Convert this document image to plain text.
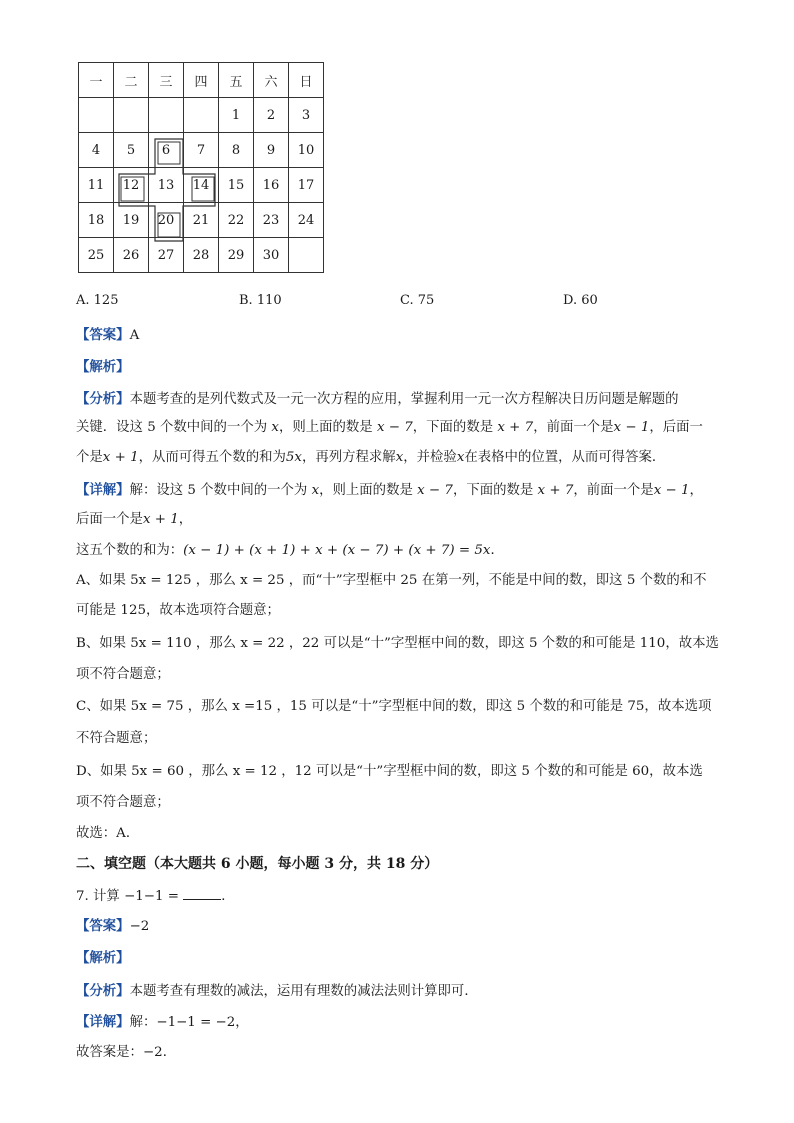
一	二	三	四	五	六	日
				1	2	3
4	5	6	7	8	9	10
11	12	13	14	15	16	17
18	19	20	21	22	23	24
25	26	27	28	29	30	
A. 125	B. 110	C. 75	D. 60
【答案】A
【解析】
【分析】本题考查的是列代数式及一元一次方程的应用，掌握利用一元一次方程解决日历问题是解题的
关键．设这 5 个数中间的一个为 x，则上面的数是 x − 7，下面的数是 x + 7，前面一个是x − 1，后面一
个是x + 1，从而可得五个数的和为5x，再列方程求解x，并检验x在表格中的位置，从而可得答案．
【详解】解：设这 5 个数中间的一个为 x，则上面的数是 x − 7，下面的数是 x + 7，前面一个是x − 1，
后面一个是x + 1，
这五个数的和为：(x − 1) + (x + 1) + x + (x − 7) + (x + 7) = 5x．
A、如果 5x = 125 ，那么 x = 25 ，而“十”字型框中 25 在第一列，不能是中间的数，即这 5 个数的和不
可能是 125，故本选项符合题意；
B、如果 5x = 110 ，那么 x = 22 ，22 可以是“十”字型框中间的数，即这 5 个数的和可能是 110，故本选
项不符合题意；
C、如果 5x = 75 ，那么 x =15 ，15 可以是“十”字型框中间的数，即这 5 个数的和可能是 75，故本选项
不符合题意；
D、如果 5x = 60 ，那么 x = 12 ，12 可以是“十”字型框中间的数，即这 5 个数的和可能是 60，故本选
项不符合题意；
故选：A．
二、填空题（本大题共 6 小题，每小题 3 分，共 18 分）
7. 计算 −1−1 =	．
【答案】−2
【解析】
【分析】本题考查有理数的减法，运用有理数的减法法则计算即可．
【详解】解：−1−1 = −2，
故答案是：−2．
